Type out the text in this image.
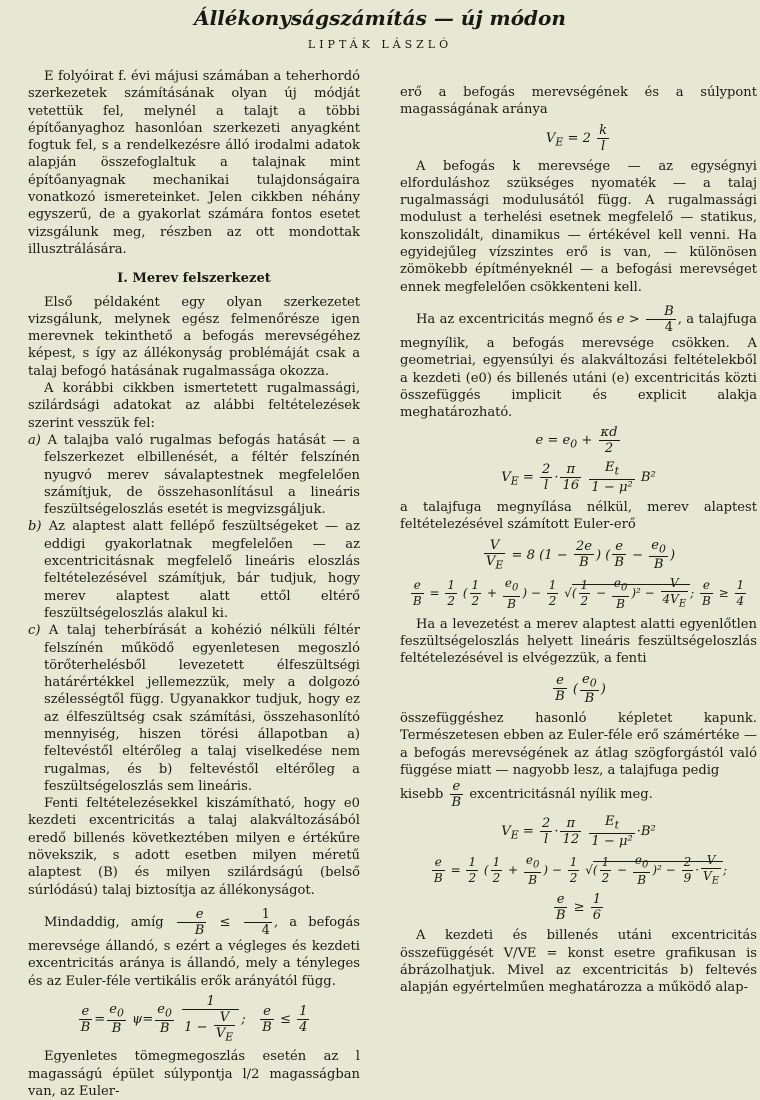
Állékonyságszámítás — új módon
LIPTÁK LÁSZLÓ

E folyóirat f. évi májusi számában a teherhordó szerkezetek számításának olyan új módját vetettük fel, melynél a talajt a többi építőanyaghoz hasonlóan szerkezeti anyagként fogtuk fel, s a rendelkezésre álló irodalmi adatok alapján összefoglaltuk a talajnak mint építőanyagnak mechanikai tulajdonságaira vonatkozó ismereteinket. Jelen cikkben néhány egyszerű, de a gyakorlat számára fontos esetet vizsgálunk meg, részben az ott mondottak illusztrálására.

I. Merev felszerkezet

Első példaként egy olyan szerkezetet vizsgálunk, melynek egész felmenőrésze igen merevnek tekinthető a befogás merevségéhez képest, s így az állékonyság problémáját csak a talaj befogó hatásának rugalmassága okozza.

A korábbi cikkben ismertetett rugalmassági, szilárdsági adatokat az alábbi feltételezések szerint vesszük fel:

a) A talajba való rugalmas befogás hatását — a felszerkezet elbillenését, a féltér felszínén nyugvó merev sávalaptestnek megfelelően számítjuk, de összehasonlításul a lineáris feszültségeloszlás esetét is megvizsgáljuk.

b) Az alaptest alatt fellépő feszültségeket — az eddigi gyakorlatnak megfelelően — az excentricitásnak megfelelő lineáris eloszlás feltételezésével számítjuk, bár tudjuk, hogy merev alaptest alatt ettől eltérő feszültségeloszlás alakul ki.

c) A talaj teherbírását a kohézió nélküli féltér felszínén működő egyenletesen megoszló törőterhelésből levezetett élfeszültségi határértékkel jellemezzük, mely a dolgozó szélességtől függ. Ugyanakkor tudjuk, hogy ez az élfeszültség csak számítási, összehasonlító mennyiség, hiszen törési állapotban a) feltevéstől eltérőleg a talaj viselkedése nem rugalmas, és b) feltevéstől eltérőleg a feszültségeloszlás sem lineáris.

Fenti feltételezésekkel kiszámítható, hogy e0 kezdeti excentricitás a talaj alakváltozásából eredő billenés következtében milyen e értékűre növekszik, s adott esetben milyen méretű alaptest (B) és milyen szilárdságú (belső súrlódású) talaj biztosítja az állékonyságot.

Mindaddig, amíg $\frac{e}{B} \le \frac{1}{4}$ , a befogás merevsége állandó, s ezért a végleges és kezdeti excentricitás aránya is állandó, mely a tényleges és az Euler-féle vertikális erők arányától függ.

$\frac{e}{B} = \frac{e_0}{B} \psi= \frac{e_0}{B}$
$\frac{1}{1 - \frac{V}{V_E}}$ ; $\frac{e}{B} \le \frac{1}{4}$

Egyenletes tömegmegoszlás esetén az l magasságú épület súlypontja l/2 magasságban van, az Euler-

erő a befogás merevségének és a súlypont magasságának aránya

$V_E = 2 \frac{k}{l}$

A befogás k merevsége — az egységnyi elforduláshoz szükséges nyomaték — a talaj rugalmassági modulusától függ. A rugalmassági modulust a terhelési esetnek megfelelő — statikus, konszolidált, dinamikus — értékével kell venni. Ha egyidejűleg vízszintes erő is van, — különösen zömökebb építményeknél — a befogási merevséget ennek megfelelően csökkenteni kell.

Ha az excentricitás megnő és $e > \frac{B}{4}$ , a talajfuga megnyílik, a befogás merevsége csökken. A geometriai, egyensúlyi és alakváltozási feltételekből a kezdeti (e0) és billenés utáni (e) excentricitás közti összefüggés implicit és explicit alakja meghatározható.

$e = e_0 + \frac{\kappa d}{2}$
$V_E = \frac{2}{l} \cdot \frac{\pi}{16}$
$\frac{E_t}{\text{1 − μ²}} B^2$

a talajfuga megnyílása nélkül, merev alaptest feltételezésével számított Euler-erő

$\frac{V}{V_E} = 8$ ($1 - \frac{2e}{B}$ ) ( $\frac{e}{B} - \frac{e_0}{B}$ )
$\frac{e}{B} = \frac{1}{2}$ ( $\frac{1}{2} + \frac{e_0}{B}$ ) − $\frac{1}{2}$ √( $\frac{1}{2} - \frac{e_0}{B} )^2 - \frac{V}{4V_E}$ ; $\frac{e}{B} \ge \frac{1}{4}$

Ha a levezetést a merev alaptest alatti egyenlőtlen feszültségeloszlás helyett lineáris feszültségeloszlás feltételezésével is elvégezzük, a fenti

$\frac{e}{B}$ ( $\frac{e_0}{B}$ )

összefüggéshez hasonló képletet kapunk. Természetesen ebben az Euler-féle erő számértéke — a befogás merevségének az átlag szögforgástól való függése miatt — nagyobb lesz, a talajfuga pedig

kisebb $\frac{e}{B}$ excentricitásnál nyílik meg.

$V_E = \frac{2}{l} \cdot \frac{\pi}{12}$
$\frac{E_t}{\text{1 − μ²}} \cdot B^2$
$\frac{e}{B} = \frac{1}{2}$ ( $\frac{1}{2} + \frac{e_0}{B}$ ) − $\frac{1}{2}$ √( $\frac{1}{2} - \frac{e_0}{B} )^2 - \frac{2}{9} \cdot \frac{V}{V_E}$ ;
$\frac{e}{B} \ge \frac{1}{6}$

A kezdeti és billenés utáni excentricitás összefüggését V/VE = konst esetre grafikusan is ábrázolhatjuk. Mivel az excentricitás b) feltevés alapján egyértelműen meghatározza a működő alap-
